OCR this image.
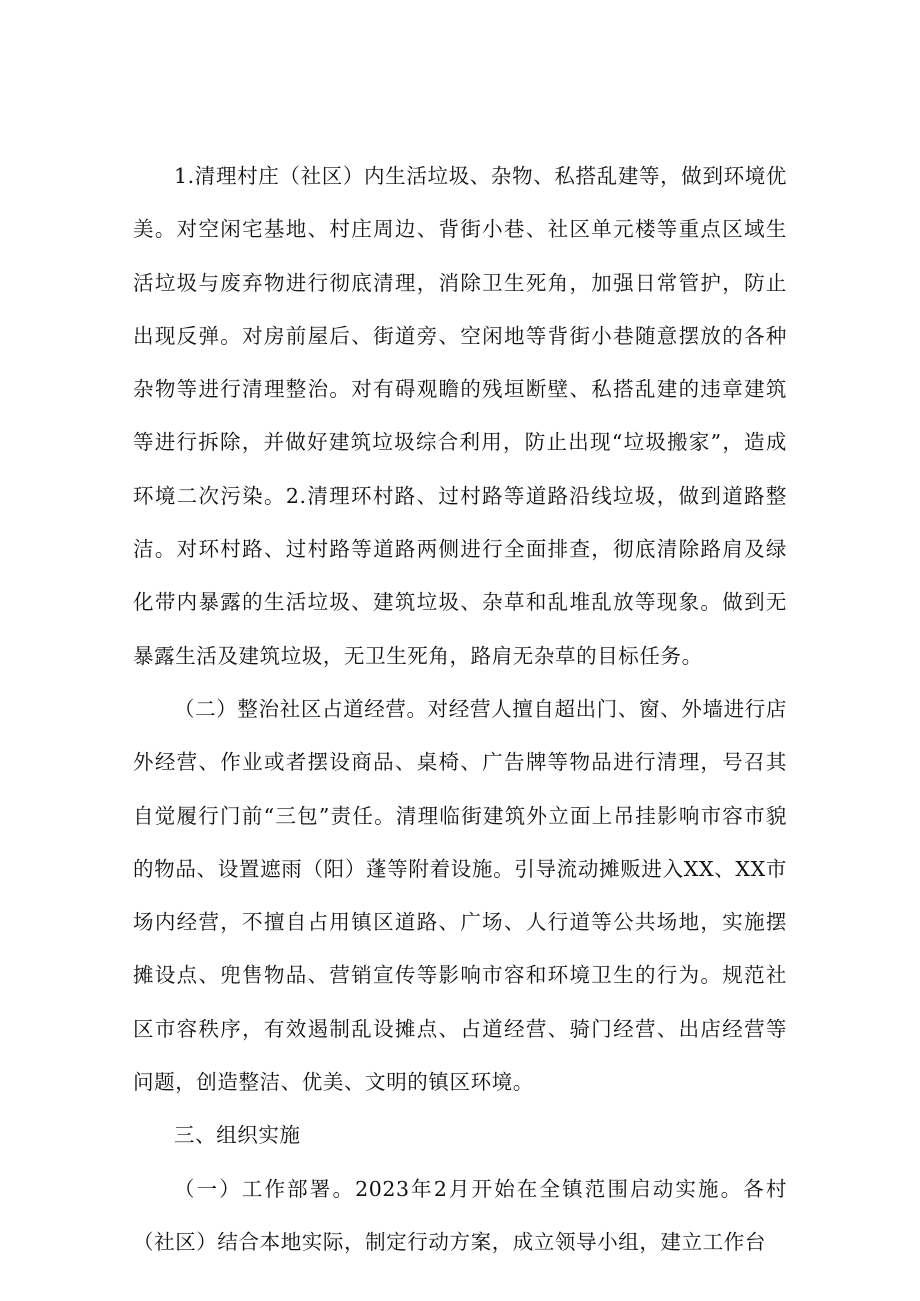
1.清理村庄（社区）内生活垃圾、杂物、私搭乱建等，做到环境优美。对空闲宅基地、村庄周边、背街小巷、社区单元楼等重点区域生活垃圾与废弃物进行彻底清理，消除卫生死角，加强日常管护，防止出现反弹。对房前屋后、街道旁、空闲地等背街小巷随意摆放的各种杂物等进行清理整治。对有碍观瞻的残垣断壁、私搭乱建的违章建筑等进行拆除，并做好建筑垃圾综合利用，防止出现“垃圾搬家”，造成环境二次污染。2.清理环村路、过村路等道路沿线垃圾，做到道路整洁。对环村路、过村路等道路两侧进行全面排查，彻底清除路肩及绿化带内暴露的生活垃圾、建筑垃圾、杂草和乱堆乱放等现象。做到无暴露生活及建筑垃圾，无卫生死角，路肩无杂草的目标任务。

（二）整治社区占道经营。对经营人擅自超出门、窗、外墙进行店外经营、作业或者摆设商品、桌椅、广告牌等物品进行清理，号召其自觉履行门前“三包”责任。清理临街建筑外立面上吊挂影响市容市貌的物品、设置遮雨（阳）蓬等附着设施。引导流动摊贩进入XX、XX市场内经营，不擅自占用镇区道路、广场、人行道等公共场地，实施摆摊设点、兜售物品、营销宣传等影响市容和环境卫生的行为。规范社区市容秩序，有效遏制乱设摊点、占道经营、骑门经营、出店经营等问题，创造整洁、优美、文明的镇区环境。

三、组织实施

（一）工作部署。2023年2月开始在全镇范围启动实施。各村（社区）结合本地实际，制定行动方案，成立领导小组，建立工作台
